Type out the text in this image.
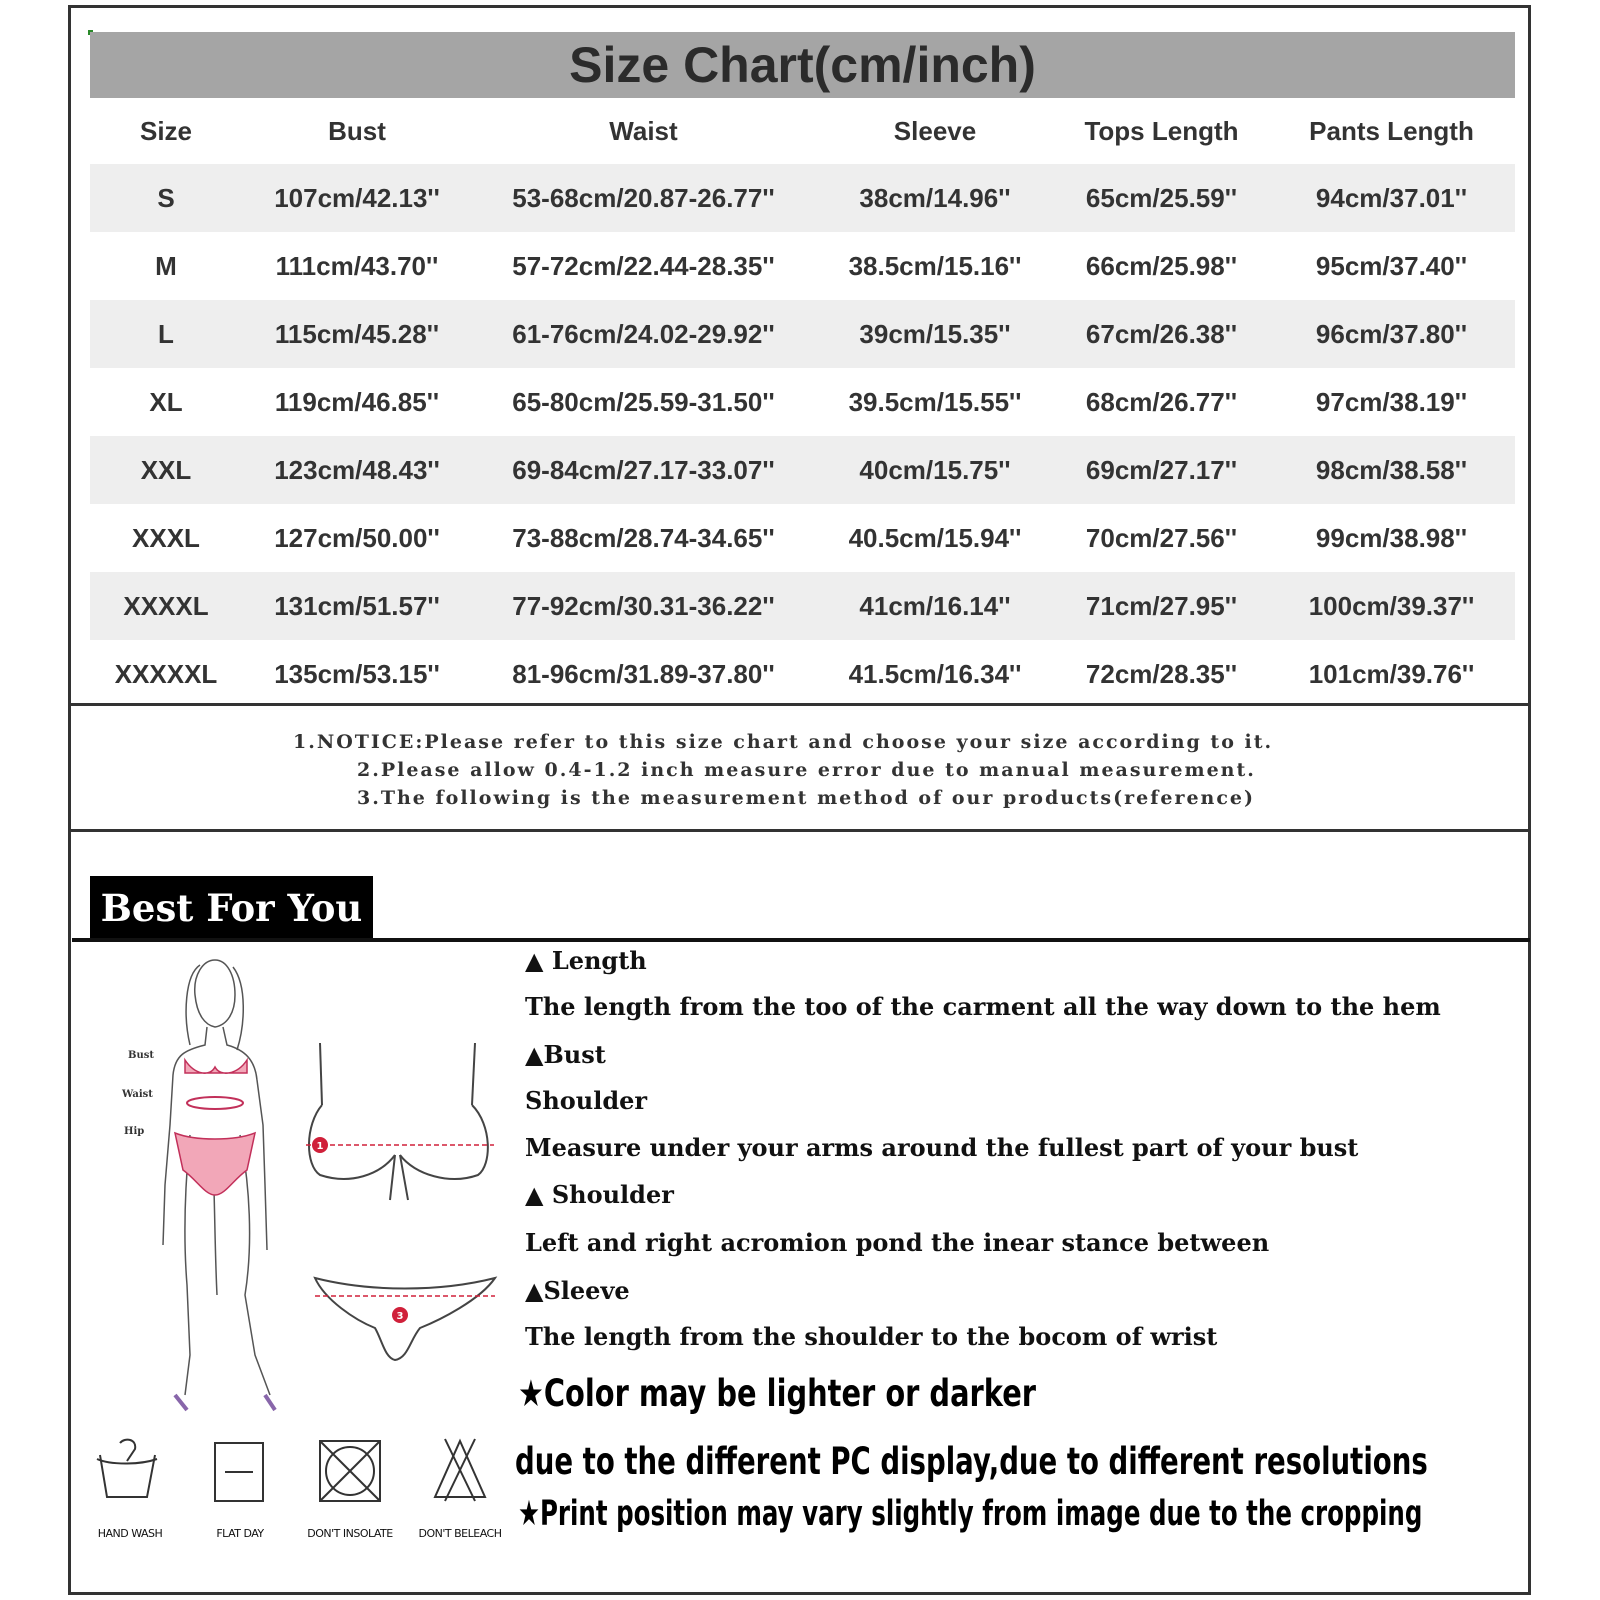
Size Chart(cm/inch)
Size	Bust	Waist	Sleeve	Tops Length	Pants Length
S	107cm/42.13''	53-68cm/20.87-26.77''	38cm/14.96''	65cm/25.59''	94cm/37.01''
M	111cm/43.70''	57-72cm/22.44-28.35''	38.5cm/15.16''	66cm/25.98''	95cm/37.40''
L	115cm/45.28''	61-76cm/24.02-29.92''	39cm/15.35''	67cm/26.38''	96cm/37.80''
XL	119cm/46.85''	65-80cm/25.59-31.50''	39.5cm/15.55''	68cm/26.77''	97cm/38.19''
XXL	123cm/48.43''	69-84cm/27.17-33.07''	40cm/15.75''	69cm/27.17''	98cm/38.58''
XXXL	127cm/50.00''	73-88cm/28.74-34.65''	40.5cm/15.94''	70cm/27.56''	99cm/38.98''
XXXXL	131cm/51.57''	77-92cm/30.31-36.22''	41cm/16.14''	71cm/27.95''	100cm/39.37''
XXXXXL	135cm/53.15''	81-96cm/31.89-37.80''	41.5cm/16.34''	72cm/28.35''	101cm/39.76''
1.NOTICE:Please refer to this size chart and choose your size according to it.
2.Please allow 0.4-1.2 inch measure error due to manual measurement.
3.The following is the measurement method of our products(reference)
Best For You
Bust
Waist
Hip
1
3
HAND WASH	FLAT DAY	DON'T INSOLATE	DON'T BELEACH
▲ Length
The length from the too of the carment all the way down to the hem
▲Bust
Shoulder
Measure under your arms around the fullest part of your bust
▲ Shoulder
Left and right acromion pond the inear stance between
▲Sleeve
The length from the shoulder to the bocom of wrist
★Color may be lighter or darker
due to the different PC display,due to different resolutions
★Print position may vary slightly from image due to the cropping
